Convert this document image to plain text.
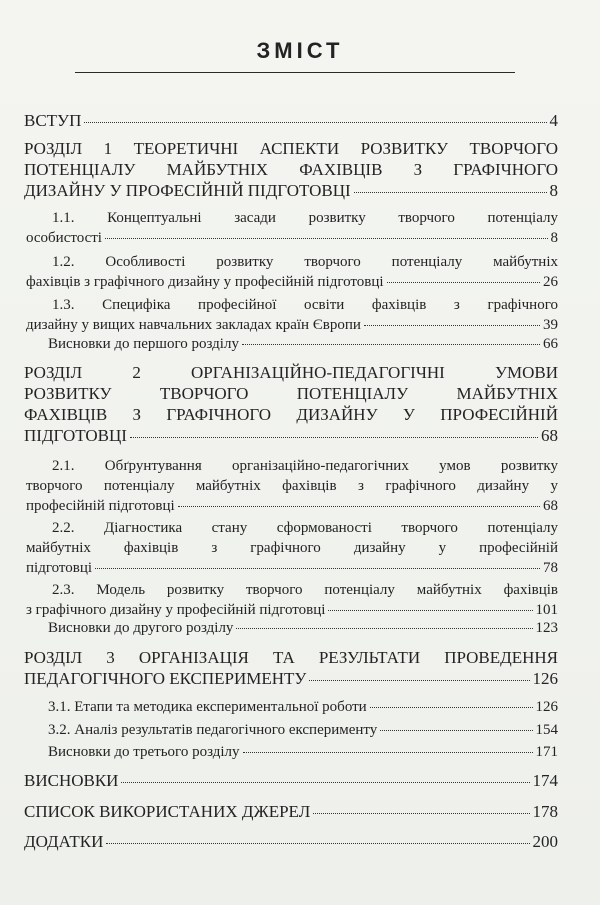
ЗМІСТ
ВСТУП	4
РОЗДІЛ 1 ТЕОРЕТИЧНІ АСПЕКТИ РОЗВИТКУ ТВОРЧОГО
ПОТЕНЦІАЛУ МАЙБУТНІХ ФАХІВЦІВ З ГРАФІЧНОГО
ДИЗАЙНУ У ПРОФЕСІЙНІЙ ПІДГОТОВЦІ	8
1.1. Концептуальні засади розвитку творчого потенціалу
особистості	8
1.2. Особливості розвитку творчого потенціалу майбутніх
фахівців з графічного дизайну у професійній підготовці	26
1.3. Специфіка професійної освіти фахівців з графічного
дизайну у вищих навчальних закладах країн Європи	39
Висновки до першого розділу	66
РОЗДІЛ 2 ОРГАНІЗАЦІЙНО-ПЕДАГОГІЧНІ УМОВИ
РОЗВИТКУ ТВОРЧОГО ПОТЕНЦІАЛУ МАЙБУТНІХ
ФАХІВЦІВ З ГРАФІЧНОГО ДИЗАЙНУ У ПРОФЕСІЙНІЙ
ПІДГОТОВЦІ	68
2.1. Обґрунтування організаційно-педагогічних умов розвитку
творчого потенціалу майбутніх фахівців з графічного дизайну у
професійній підготовці	68
2.2. Діагностика стану сформованості творчого потенціалу
майбутніх фахівців з графічного дизайну у професійній
підготовці	78
2.3. Модель розвитку творчого потенціалу майбутніх фахівців
з графічного дизайну у професійній підготовці	101
Висновки до другого розділу	123
РОЗДІЛ 3 ОРГАНІЗАЦІЯ ТА РЕЗУЛЬТАТИ ПРОВЕДЕННЯ
ПЕДАГОГІЧНОГО ЕКСПЕРИМЕНТУ	126
3.1. Етапи та методика експериментальної роботи	126
3.2. Аналіз результатів педагогічного експерименту	154
Висновки до третього розділу	171
ВИСНОВКИ	174
СПИСОК ВИКОРИСТАНИХ ДЖЕРЕЛ	178
ДОДАТКИ	200
